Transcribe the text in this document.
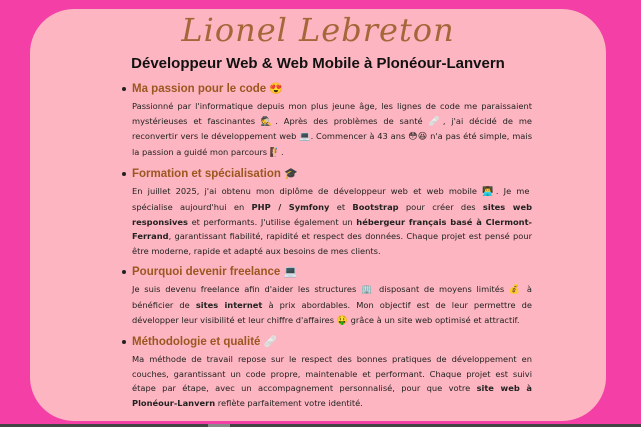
Lionel Lebreton
Développeur Web & Web Mobile à Plonéour-Lanvern
Ma passion pour le code 😍

Passionné par l'informatique depuis mon plus jeune âge, les lignes de code me paraissaient mystérieuses et fascinantes 🕵. Après des problèmes de santé 🩹, j'ai décidé de me reconvertir vers le développement web 💻. Commencer à 43 ans 😳😆 n'a pas été simple, mais la passion a guidé mon parcours 🧗.

Formation et spécialisation 🎓

En juillet 2025, j'ai obtenu mon diplôme de développeur web et web mobile 👨‍💻. Je me spécialise aujourd'hui en PHP / Symfony et Bootstrap pour créer des sites web responsives et performants. J'utilise également un hébergeur français basé à Clermont-Ferrand, garantissant fiabilité, rapidité et respect des données. Chaque projet est pensé pour être moderne, rapide et adapté aux besoins de mes clients.

Pourquoi devenir freelance 💻

Je suis devenu freelance afin d'aider les structures 🏢 disposant de moyens limités 💰 à bénéficier de sites internet à prix abordables. Mon objectif est de leur permettre de développer leur visibilité et leur chiffre d'affaires 🤑 grâce à un site web optimisé et attractif.

Méthodologie et qualité 🩹

Ma méthode de travail repose sur le respect des bonnes pratiques de développement en couches, garantissant un code propre, maintenable et performant. Chaque projet est suivi étape par étape, avec un accompagnement personnalisé, pour que votre site web à Plonéour-Lanvern reflète parfaitement votre identité.
